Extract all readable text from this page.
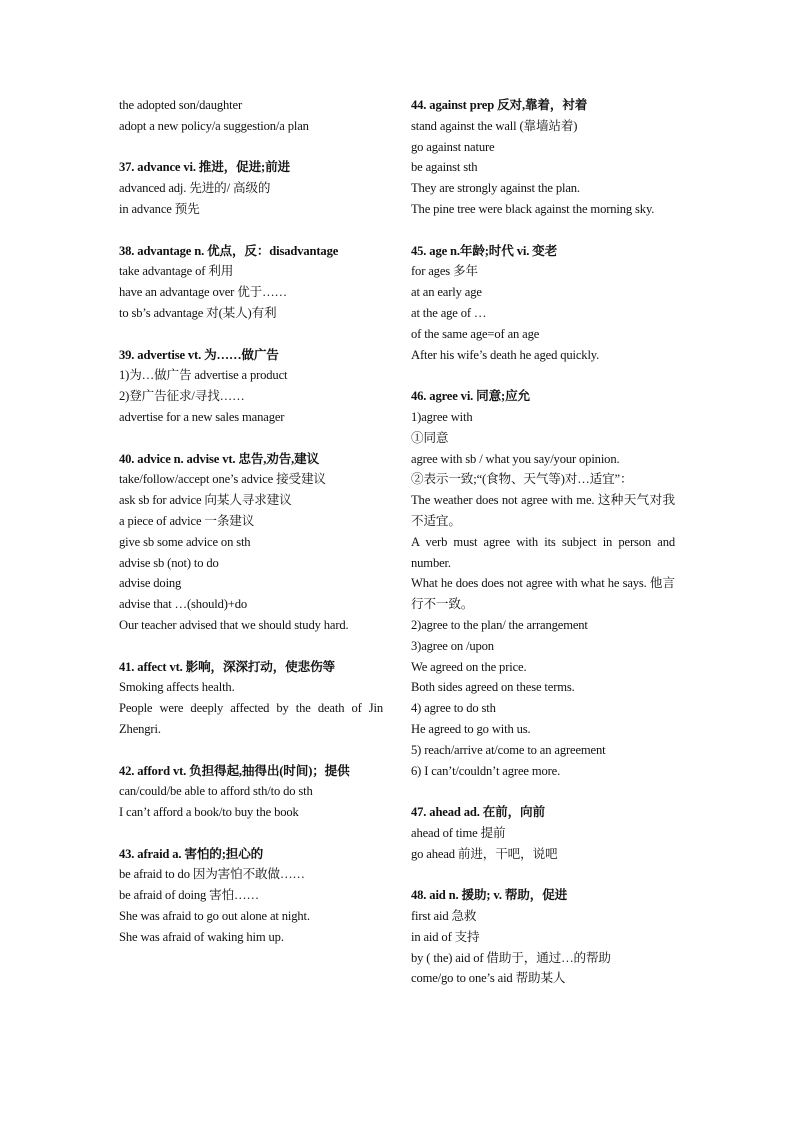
the adopted son/daughter
adopt a new policy/a suggestion/a plan
37. advance vi. 推进，促进;前进
advanced adj. 先进的/ 高级的
in advance 预先
38. advantage n. 优点，反：disadvantage
take advantage of 利用
have an advantage over 优于……
to sb’s advantage 对(某人)有利
39. advertise vt. 为……做广告
1)为…做广告 advertise a product
2)登广告征求/寻找……
advertise for a new sales manager
40. advice n. advise vt. 忠告,劝告,建议
take/follow/accept one’s advice 接受建议
ask sb for advice 向某人寻求建议
a piece of advice 一条建议
give sb some advice on sth
advise sb (not) to do
advise doing
advise that …(should)+do
Our teacher advised that we should study hard.
41. affect vt. 影响，深深打动，使悲伤等
Smoking affects health.
People were deeply affected by the death of Jin Zhengri.
42. afford vt. 负担得起,抽得出(时间)；提供
can/could/be able to afford sth/to do sth
I can’t afford a book/to buy the book
43. afraid a. 害怕的;担心的
be afraid to do 因为害怕不敢做……
be afraid of doing 害怕……
She was afraid to go out alone at night.
She was afraid of waking him up.
44. against prep 反对,靠着，衬着
stand against the wall (靠墙站着)
go against nature
be against sth
They are strongly against the plan.
The pine tree were black against the morning sky.
45. age n.年龄;时代 vi. 变老
for ages 多年
at an early age
at the age of …
of the same age=of an age
After his wife’s death he aged quickly.
46. agree vi. 同意;应允
1)agree with
①同意
agree with sb / what you say/your opinion.
②表示一致;“(食物、天气等)对…适宜”：
The weather does not agree with me. 这种天气对我不适宜。
A verb must agree with its subject in person and number.
What he does does not agree with what he says. 他言行不一致。
2)agree to the plan/ the arrangement
3)agree on /upon
We agreed on the price.
Both sides agreed on these terms.
4) agree to do sth
He agreed to go with us.
5) reach/arrive at/come to an agreement
6) I can’t/couldn’t agree more.
47. ahead ad. 在前，向前
ahead of time 提前
go ahead 前进，干吧，说吧
48. aid n. 援助; v. 帮助，促进
first aid 急救
in aid of 支持
by ( the) aid of 借助于，通过…的帮助
come/go to one’s aid 帮助某人
